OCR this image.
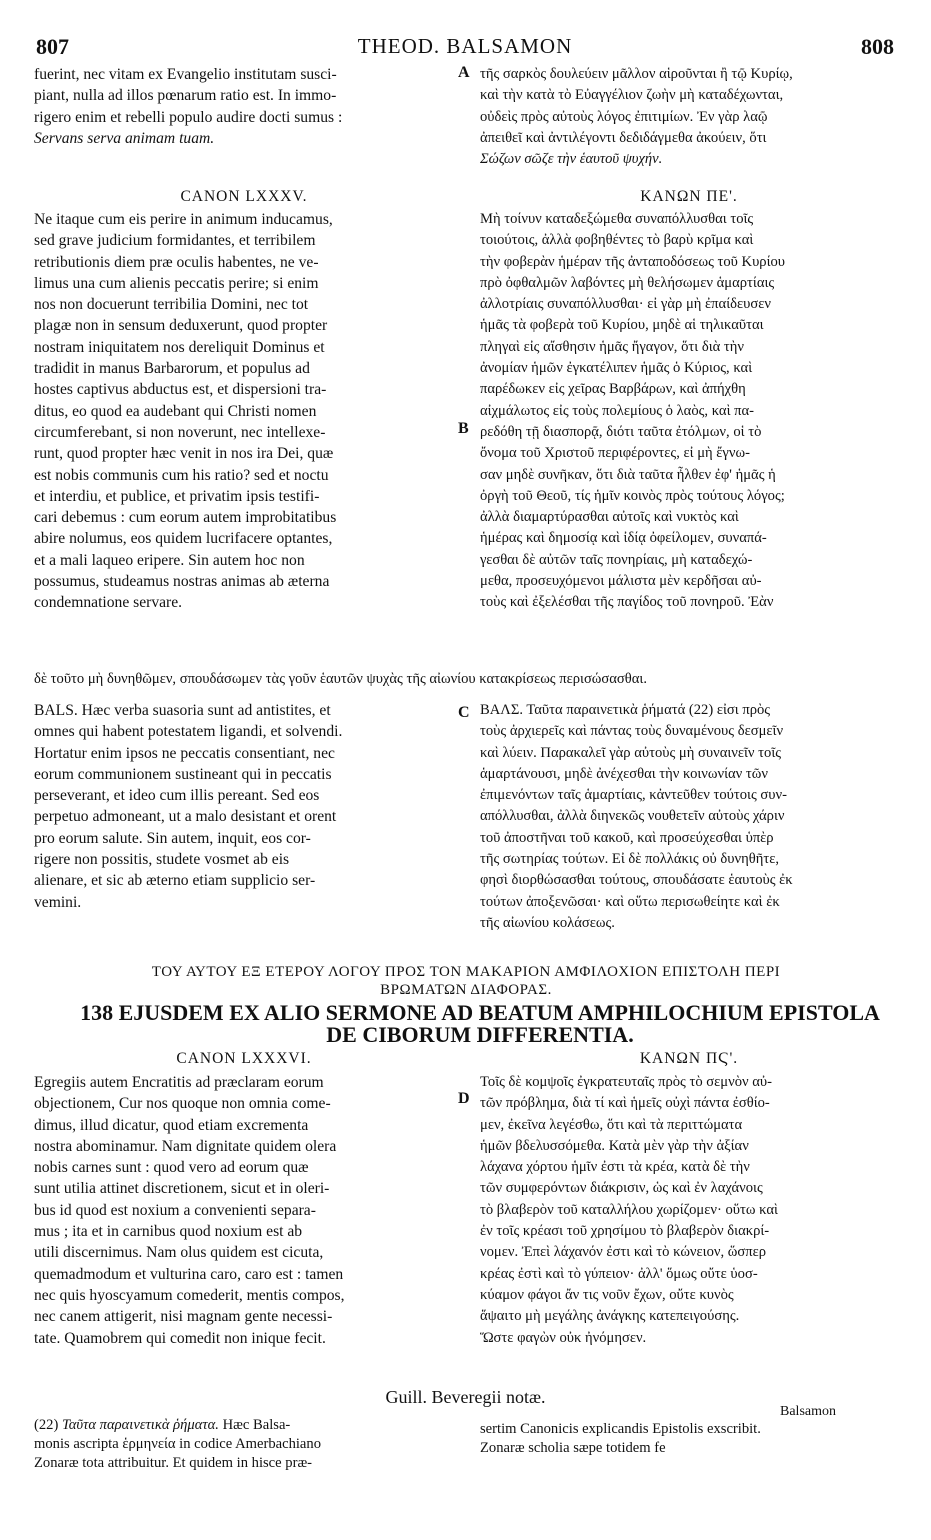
807	THEOD. BALSAMON	808

fuerint, nec vitam ex Evangelio institutam susci-

piant, nulla ad illos pœnarum ratio est. In immo-

rigero enim et rebelli populo audire docti sumus :

Servans serva animam tuam.

A τῆς σαρκὸς δουλεύειν μᾶλλον αἱροῦνται ἢ τῷ Κυρίῳ,

καὶ τὴν κατὰ τὸ Εὐαγγέλιον ζωὴν μὴ καταδέχωνται,

οὐδεὶς πρὸς αὐτοὺς λόγος ἐπιτιμίων. Ἐν γὰρ λαῷ

ἀπειθεῖ καὶ ἀντιλέγοντι δεδιδάγμεθα ἀκούειν, ὅτι

Σώζων σῶζε τὴν ἑαυτοῦ ψυχήν.

CANON LXXXV.	ΚΑΝΩΝ ΠΕ'.

Ne itaque cum eis perire in animum inducamus,

sed grave judicium formidantes, et terribilem

retributionis diem præ oculis habentes, ne ve-

limus una cum alienis peccatis perire; si enim

nos non docuerunt terribilia Domini, nec tot

plagæ non in sensum deduxerunt, quod propter

nostram iniquitatem nos dereliquit Dominus et

tradidit in manus Barbarorum, et populus ad

hostes captivus abductus est, et dispersioni tra-

ditus, eo quod ea audebant qui Christi nomen

circumferebant, si non noverunt, nec intellexe-

runt, quod propter hæc venit in nos ira Dei, quæ

est nobis communis cum his ratio? sed et noctu

et interdiu, et publice, et privatim ipsis testifi-

cari debemus : cum eorum autem improbitatibus

abire nolumus, eos quidem lucrifacere optantes,

et a mali laqueo eripere. Sin autem hoc non

possumus, studeamus nostras animas ab æterna

condemnatione servare.

B

Μὴ τοίνυν καταδεξώμεθα συναπόλλυσθαι τοῖς

τοιούτοις, ἀλλὰ φοβηθέντες τὸ βαρὺ κρῖμα καὶ

τὴν φοβερὰν ἡμέραν τῆς ἀνταποδόσεως τοῦ Κυρίου

πρὸ ὀφθαλμῶν λαβόντες μὴ θελήσωμεν ἁμαρτίαις

ἀλλοτρίαις συναπόλλυσθαι· εἰ γὰρ μὴ ἐπαίδευσεν

ἡμᾶς τὰ φοβερὰ τοῦ Κυρίου, μηδὲ αἱ τηλικαῦται

πληγαὶ εἰς αἴσθησιν ἡμᾶς ἤγαγον, ὅτι διὰ τὴν

ἀνομίαν ἡμῶν ἐγκατέλιπεν ἡμᾶς ὁ Κύριος, καὶ

παρέδωκεν εἰς χεῖρας Βαρβάρων, καὶ ἀπήχθη

αἰχμάλωτος εἰς τοὺς πολεμίους ὁ λαὸς, καὶ πα-

ρεδόθη τῇ διασπορᾷ, διότι ταῦτα ἐτόλμων, οἱ τὸ

ὄνομα τοῦ Χριστοῦ περιφέροντες, εἰ μὴ ἔγνω-

σαν μηδὲ συνῆκαν, ὅτι διὰ ταῦτα ἦλθεν ἐφ' ἡμᾶς ἡ

ὀργὴ τοῦ Θεοῦ, τίς ἡμῖν κοινὸς πρὸς τούτους λόγος;

ἀλλὰ διαμαρτύρασθαι αὐτοῖς καὶ νυκτὸς καὶ

ἡμέρας καὶ δημοσίᾳ καὶ ἰδίᾳ ὀφείλομεν, συναπά-

γεσθαι δὲ αὐτῶν ταῖς πονηρίαις, μὴ καταδεχώ-

μεθα, προσευχόμενοι μάλιστα μὲν κερδῆσαι αὐ-

τοὺς καὶ ἐξελέσθαι τῆς παγίδος τοῦ πονηροῦ. Ἐὰν

δὲ τοῦτο μὴ δυνηθῶμεν, σπουδάσωμεν τὰς γοῦν ἑαυτῶν ψυχὰς τῆς αἰωνίου κατακρίσεως περισώσασθαι.

BALS. Hæc verba suasoria sunt ad antistites, et

omnes qui habent potestatem ligandi, et solvendi.

Hortatur enim ipsos ne peccatis consentiant, nec

eorum communionem sustineant qui in peccatis

perseverant, et ideo cum illis pereant. Sed eos

perpetuo admoneant, ut a malo desistant et orent

pro eorum salute. Sin autem, inquit, eos cor-

rigere non possitis, studete vosmet ab eis

alienare, et sic ab æterno etiam supplicio ser-

vemini.

C ΒΑΛΣ. Ταῦτα παραινετικὰ ῥήματά (22) εἰσι πρὸς

τοὺς ἀρχιερεῖς καὶ πάντας τοὺς δυναμένους δεσμεῖν

καὶ λύειν. Παρακαλεῖ γὰρ αὐτοὺς μὴ συναινεῖν τοῖς

ἁμαρτάνουσι, μηδὲ ἀνέχεσθαι τὴν κοινωνίαν τῶν

ἐπιμενόντων ταῖς ἁμαρτίαις, κἀντεῦθεν τούτοις συν-

απόλλυσθαι, ἀλλὰ διηνεκῶς νουθετεῖν αὐτοὺς χάριν

τοῦ ἀποστῆναι τοῦ κακοῦ, καὶ προσεύχεσθαι ὑπὲρ

τῆς σωτηρίας τούτων. Εἰ δὲ πολλάκις οὐ δυνηθῆτε,

φησὶ διορθώσασθαι τούτους, σπουδάσατε ἑαυτοὺς ἐκ

τούτων ἀποξενῶσαι· καὶ οὕτω περισωθείητε καὶ ἐκ

τῆς αἰωνίου κολάσεως.

ΤΟΥ ΑΥΤΟΥ ΕΞ ΕΤΕΡΟΥ ΛΟΓΟΥ ΠΡΟΣ ΤΟΝ ΜΑΚΑΡΙΟΝ ΑΜΦΙΛΟΧΙΟΝ ΕΠΙΣΤΟΛΗ ΠΕΡΙ
ΒΡΩΜΑΤΩΝ ΔΙΑΦΟΡΑΣ.
138 EJUSDEM EX ALIO SERMONE AD BEATUM AMPHILOCHIUM EPISTOLA
DE CIBORUM DIFFERENTIA.
CANON LXXXVI.	ΚΑΝΩΝ ΠϚ'.

Egregiis autem Encratitis ad præclaram eorum

objectionem, Cur nos quoque non omnia come-

dimus, illud dicatur, quod etiam excrementa

nostra abominamur. Nam dignitate quidem olera

nobis carnes sunt : quod vero ad eorum quæ

sunt utilia attinet discretionem, sicut et in oleri-

bus id quod est noxium a convenienti separa-

mus ; ita et in carnibus quod noxium est ab

utili discernimus. Nam olus quidem est cicuta,

quemadmodum et vulturina caro, caro est : tamen

nec quis hyoscyamum comederit, mentis compos,

nec canem attigerit, nisi magnam gente necessi-

tate. Quamobrem qui comedit non inique fecit.

D

Τοῖς δὲ κομψοῖς ἐγκρατευταῖς πρὸς τὸ σεμνὸν αὐ-

τῶν πρόβλημα, διὰ τί καὶ ἡμεῖς οὐχὶ πάντα ἐσθίο-

μεν, ἐκεῖνα λεγέσθω, ὅτι καὶ τὰ περιττώματα

ἡμῶν βδελυσσόμεθα. Κατὰ μὲν γὰρ τὴν ἀξίαν

λάχανα χόρτου ἡμῖν ἐστι τὰ κρέα, κατὰ δὲ τὴν

τῶν συμφερόντων διάκρισιν, ὡς καὶ ἐν λαχάνοις

τὸ βλαβερὸν τοῦ καταλλήλου χωρίζομεν· οὕτω καὶ

ἐν τοῖς κρέασι τοῦ χρησίμου τὸ βλαβερὸν διακρί-

νομεν. Ἐπεὶ λάχανόν ἐστι καὶ τὸ κώνειον, ὥσπερ

κρέας ἐστὶ καὶ τὸ γύπειον· ἀλλ' ὅμως οὔτε ὑοσ-

κύαμον φάγοι ἄν τις νοῦν ἔχων, οὔτε κυνὸς

ἅψαιτο μὴ μεγάλης ἀνάγκης κατεπειγούσης.

Ὥστε φαγὼν οὐκ ἠνόμησεν.

Guill. Beveregii notæ.

(22) Ταῦτα παραινετικὰ ῥήματα. Hæc Balsa-

monis ascripta ἑρμηνεία in codice Amerbachiano

Zonaræ tota attribuitur. Et quidem in hisce præ-

Balsamon

sertim Canonicis explicandis Epistolis exscribit.

Zonaræ scholia sæpe totidem fe
